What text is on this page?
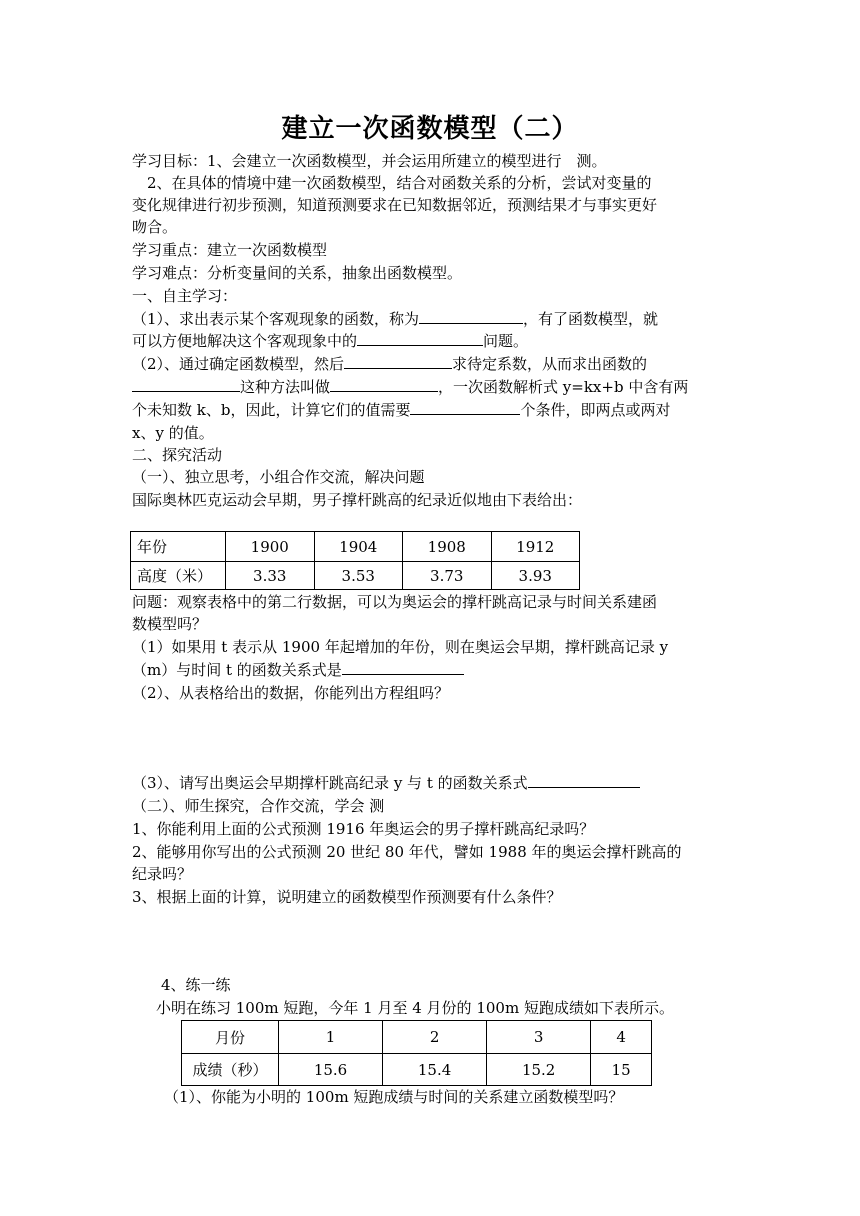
建立一次函数模型（二）
学习目标：1、会建立一次函数模型，并会运用所建立的模型进行　测。
　2、在具体的情境中建一次函数模型，结合对函数关系的分析，尝试对变量的
变化规律进行初步预测，知道预测要求在已知数据邻近，预测结果才与事实更好
吻合。
学习重点：建立一次函数模型
学习难点：分析变量间的关系，抽象出函数模型。
一、自主学习：
（1）、求出表示某个客观现象的函数，称为	，有了函数模型，就
可以方便地解决这个客观现象中的	问题。
（2）、通过确定函数模型，然后	求待定系数，从而求出函数的
这种方法叫做	，一次函数解析式 y=kx+b 中含有两
个未知数 k、b，因此，计算它们的值需要	个条件，即两点或两对
x、y 的值。
二、探究活动
（一）、独立思考，小组合作交流，解决问题
国际奥林匹克运动会早期，男子撑杆跳高的纪录近似地由下表给出：
年份	1900	1904	1908	1912
高度（米）	3.33	3.53	3.73	3.93
问题：观察表格中的第二行数据，可以为奥运会的撑杆跳高记录与时间关系建函
数模型吗？
（1）如果用 t 表示从 1900 年起增加的年份，则在奥运会早期，撑杆跳高记录 y
（m）与时间 t 的函数关系式是
（2）、从表格给出的数据，你能列出方程组吗？
（3）、请写出奥运会早期撑杆跳高纪录 y 与 t 的函数关系式
（二）、师生探究，合作交流，学会 测
1、你能利用上面的公式预测 1916 年奥运会的男子撑杆跳高纪录吗？
2、能够用你写出的公式预测 20 世纪 80 年代，譬如 1988 年的奥运会撑杆跳高的
纪录吗？
3、根据上面的计算，说明建立的函数模型作预测要有什么条件？
4、练一练
小明在练习 100m 短跑，今年 1 月至 4 月份的 100m 短跑成绩如下表所示。
月份	1	2	3	4
成绩（秒）	15.6	15.4	15.2	15
（1）、你能为小明的 100m 短跑成绩与时间的关系建立函数模型吗？
